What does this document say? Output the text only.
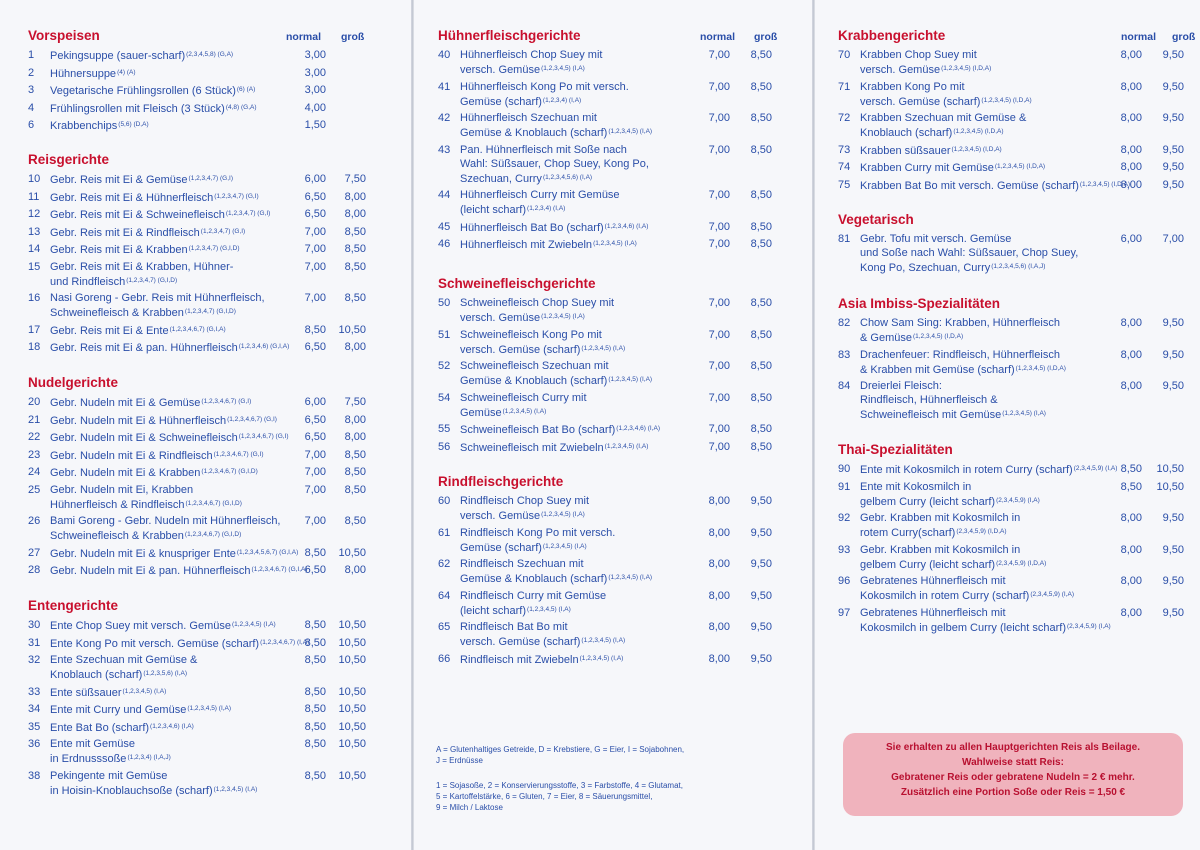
Vorspeisen	normal groß
1 Pekingsuppe (sauer-scharf)$^{(2,3,4,5,8) (G,A)}$	3,00
2 Hühnersuppe$^{(4) (A)}$	3,00
3 Vegetarische Frühlingsrollen (6 Stück)$^{(6) (A)}$	3,00
4 Frühlingsrollen mit Fleisch (3 Stück)$^{(4,8) (G,A)}$	4,00
6 Krabbenchips$^{(5,6) (D,A)}$	1,50
Reisgerichte
10 Gebr. Reis mit Ei & Gemüse$^{(1,2,3,4,7) (G,I)}$	6,00	7,50
11 Gebr. Reis mit Ei & Hühnerfleisch$^{(1,2,3,4,7) (G,I)}$	6,50	8,00
12 Gebr. Reis mit Ei & Schweinefleisch$^{(1,2,3,4,7) (G,I)}$	6,50	8,00
13 Gebr. Reis mit Ei & Rindfleisch$^{(1,2,3,4,7) (G,I)}$	7,00	8,50
14 Gebr. Reis mit Ei & Krabben$^{(1,2,3,4,7) (G,I,D)}$	7,00	8,50
15 Gebr. Reis mit Ei & Krabben, Hühner-
und Rindfleisch$^{(1,2,3,4,7) (G,I,D)}$
7,00	8,50
16 Nasi Goreng - Gebr. Reis mit Hühnerfleisch,
Schweinefleisch & Krabben$^{(1,2,3,4,7) (G,I,D)}$
7,00	8,50
17 Gebr. Reis mit Ei & Ente$^{(1,2,3,4,6,7) (G,I,A)}$	8,50	10,50
18 Gebr. Reis mit Ei & pan. Hühnerfleisch$^{(1,2,3,4,6) (G,I,A)}$	6,50	8,00
Nudelgerichte
20 Gebr. Nudeln mit Ei & Gemüse$^{(1,2,3,4,6,7) (G,I)}$	6,00	7,50
21 Gebr. Nudeln mit Ei & Hühnerfleisch$^{(1,2,3,4,6,7) (G,I)}$	6,50	8,00
22 Gebr. Nudeln mit Ei & Schweinefleisch$^{(1,2,3,4,6,7) (G,I)}$	6,50	8,00
23 Gebr. Nudeln mit Ei & Rindfleisch$^{(1,2,3,4,6,7) (G,I)}$	7,00	8,50
24 Gebr. Nudeln mit Ei & Krabben$^{(1,2,3,4,6,7) (G,I,D)}$	7,00	8,50
25 Gebr. Nudeln mit Ei, Krabben
Hühnerfleisch & Rindfleisch$^{(1,2,3,4,6,7) (G,I,D)}$
7,00	8,50
26 Bami Goreng - Gebr. Nudeln mit Hühnerfleisch,
Schweinefleisch & Krabben$^{(1,2,3,4,6,7) (G,I,D)}$
7,00	8,50
27 Gebr. Nudeln mit Ei & knuspriger Ente$^{(1,2,3,4,5,6,7) (G,I,A)}$ 8,50	10,50
28 Gebr. Nudeln mit Ei & pan. Hühnerfleisch$^{(1,2,3,4,6,7) (G,I,A)}$
6,50	8,00
Entengerichte
30 Ente Chop Suey mit versch. Gemüse$^{(1,2,3,4,5) (I,A)}$	8,50	10,50
31 Ente Kong Po mit versch. Gemüse (scharf)$^{(1,2,3,4,6,7) (I,A)}$
8,50	10,50
32 Ente Szechuan mit Gemüse &
Knoblauch (scharf)$^{(1,2,3,5,6) (I,A)}$
8,50	10,50
33 Ente süßsauer$^{(1,2,3,4,5) (I,A)}$	8,50	10,50
34 Ente mit Curry und Gemüse$^{(1,2,3,4,5) (I,A)}$	8,50	10,50
35 Ente Bat Bo (scharf)$^{(1,2,3,4,6) (I,A)}$	8,50	10,50
36 Ente mit Gemüse
in Erdnusssoße$^{(1,2,3,4) (I,A,J)}$
8,50	10,50
38 Pekingente mit Gemüse
in Hoisin-Knoblauchsoße (scharf)$^{(1,2,3,4,5) (I,A)}$
8,50	10,50
Hühnerfleischgerichte	normal groß
40 Hühnerfleisch Chop Suey mit
versch. Gemüse$^{(1,2,3,4,5) (I,A)}$
7,00	8,50
41 Hühnerfleisch Kong Po mit versch.
Gemüse (scharf)$^{(1,2,3,4) (I,A)}$
7,00	8,50
42 Hühnerfleisch Szechuan mit
Gemüse & Knoblauch (scharf)$^{(1,2,3,4,5) (I,A)}$
7,00	8,50
43 Pan. Hühnerfleisch mit Soße nach
Wahl: Süßsauer, Chop Suey, Kong Po,
Szechuan, Curry$^{(1,2,3,4,5,6) (I,A)}$
7,00	8,50
44 Hühnerfleisch Curry mit Gemüse
(leicht scharf)$^{(1,2,3,4) (I,A)}$
7,00	8,50
45 Hühnerfleisch Bat Bo (scharf)$^{(1,2,3,4,6) (I,A)}$	7,00	8,50
46 Hühnerfleisch mit Zwiebeln$^{(1,2,3,4,5) (I,A)}$	7,00	8,50
Schweinefleischgerichte
50 Schweinefleisch Chop Suey mit
versch. Gemüse$^{(1,2,3,4,5) (I,A)}$
7,00	8,50
51 Schweinefleisch Kong Po mit
versch. Gemüse (scharf)$^{(1,2,3,4,5) (I,A)}$
7,00	8,50
52 Schweinefleisch Szechuan mit
Gemüse & Knoblauch (scharf)$^{(1,2,3,4,5) (I,A)}$
7,00	8,50
54 Schweinefleisch Curry mit
Gemüse$^{(1,2,3,4,5) (I,A)}$
7,00	8,50
55 Schweinefleisch Bat Bo (scharf)$^{(1,2,3,4,6) (I,A)}$	7,00	8,50
56 Schweinefleisch mit Zwiebeln$^{(1,2,3,4,5) (I,A)}$	7,00	8,50
Rindfleischgerichte
60 Rindfleisch Chop Suey mit
versch. Gemüse$^{(1,2,3,4,5) (I,A)}$
8,00	9,50
61 Rindfleisch Kong Po mit versch.
Gemüse (scharf)$^{(1,2,3,4,5) (I,A)}$
8,00	9,50
62 Rindfleisch Szechuan mit
Gemüse & Knoblauch (scharf)$^{(1,2,3,4,5) (I,A)}$
8,00	9,50
64 Rindfleisch Curry mit Gemüse
(leicht scharf)$^{(1,2,3,4,5) (I,A)}$
8,00	9,50
65 Rindfleisch Bat Bo mit
versch. Gemüse (scharf)$^{(1,2,3,4,5) (I,A)}$
8,00	9,50
66 Rindfleisch mit Zwiebeln$^{(1,2,3,4,5) (I,A)}$	8,00	9,50
Krabbengerichte	normal groß
70 Krabben Chop Suey mit
versch. Gemüse$^{(1,2,3,4,5) (I,D,A)}$
8,00	9,50
71 Krabben Kong Po mit
versch. Gemüse (scharf)$^{(1,2,3,4,5) (I,D,A)}$
8,00	9,50
72 Krabben Szechuan mit Gemüse &
Knoblauch (scharf)$^{(1,2,3,4,5) (I,D,A)}$
8,00	9,50
73 Krabben süßsauer$^{(1,2,3,4,5) (I,D,A)}$	8,00	9,50
74 Krabben Curry mit Gemüse$^{(1,2,3,4,5) (I,D,A)}$	8,00	9,50
75 Krabben Bat Bo mit versch. Gemüse (scharf)$^{(1,2,3,4,5) (I,D,A)}$
8,00	9,50
Vegetarisch
81 Gebr. Tofu mit versch. Gemüse
und Soße nach Wahl: Süßsauer, Chop Suey,
Kong Po, Szechuan, Curry$^{(1,2,3,4,5,6) (I,A,J)}$
6,00	7,00
Asia Imbiss-Spezialitäten
82 Chow Sam Sing: Krabben, Hühnerfleisch
& Gemüse$^{(1,2,3,4,5) (I,D,A)}$
8,00	9,50
83 Drachenfeuer: Rindfleisch, Hühnerfleisch
& Krabben mit Gemüse (scharf)$^{(1,2,3,4,5) (I,D,A)}$
8,00	9,50
84 Dreierlei Fleisch:
Rindfleisch, Hühnerfleisch &
Schweinefleisch mit Gemüse$^{(1,2,3,4,5) (I,A)}$
8,00	9,50
Thai-Spezialitäten
90 Ente mit Kokosmilch in rotem Curry (scharf)$^{(2,3,4,5,9) (I,A)}$ 8,50	10,50
91 Ente mit Kokosmilch in
gelbem Curry (leicht scharf)$^{(2,3,4,5,9) (I,A)}$
8,50	10,50
92 Gebr. Krabben mit Kokosmilch in
rotem Curry(scharf)$^{(2,3,4,5,9) (I,D,A)}$
8,00	9,50
93 Gebr. Krabben mit Kokosmilch in
gelbem Curry (leicht scharf)$^{(2,3,4,5,9) (I,D,A)}$
8,00	9,50
96 Gebratenes Hühnerfleisch mit
Kokosmilch in rotem Curry (scharf)$^{(2,3,4,5,9) (I,A)}$
8,00	9,50
97 Gebratenes Hühnerfleisch mit
Kokosmilch in gelbem Curry (leicht scharf)$^{(2,3,4,5,9) (I,A)}$
8,00	9,50
A = Glutenhaltiges Getreide, D = Krebstiere, G = Eier, I = Sojabohnen,
J = Erdnüsse
1 = Sojasoße, 2 = Konservierungsstoffe, 3 = Farbstoffe, 4 = Glutamat,
5 = Kartoffelstärke, 6 = Gluten, 7 = Eier, 8 = Säuerungsmittel,
9 = Milch / Laktose
Sie erhalten zu allen Hauptgerichten Reis als Beilage.
Wahlweise statt Reis:
Gebratener Reis oder gebratene Nudeln = 2 € mehr.
Zusätzlich eine Portion Soße oder Reis = 1,50 €
